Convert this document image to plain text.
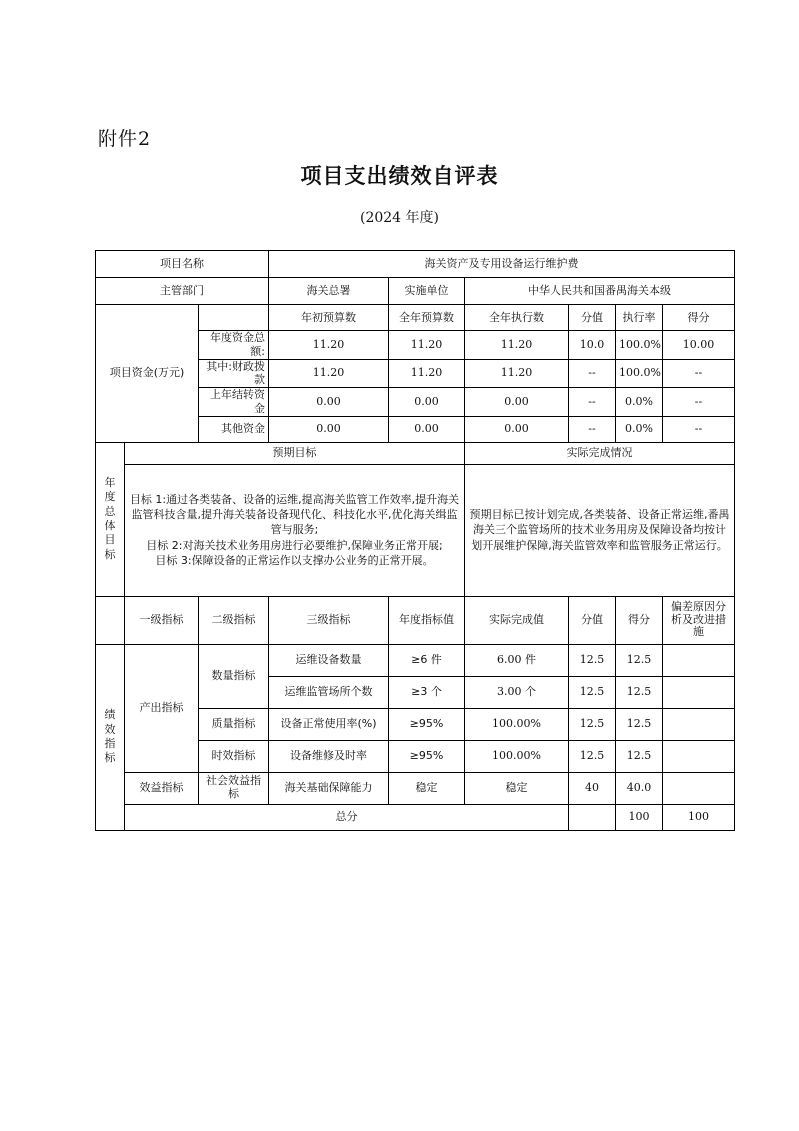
附件2
项目支出绩效自评表
(2024 年度)
项目名称			海关资产及专用设备运行维护费						
主管部门			海关总署	实施单位	中华人民共和国番禺海关本级				
项目资金(万元)			年初预算数	全年预算数	全年执行数	分值	执行率	得分	
		年度资金总额:	11.20	11.20	11.20	10.0	100.0%	10.00	
		其中:财政拨款	11.20	11.20	11.20	--	100.0%	--	
		上年结转资金	0.00	0.00	0.00	--	0.0%	--	
		其他资金	0.00	0.00	0.00	--	0.0%	--	
年度总体目标	预期目标				实际完成情况				

	目标 1:通过各类装备、设备的运维,提高海关监管工作效率,提升海关监管科技含量,提升海关装备设备现代化、科技化水平,优化海关缉监管与服务;
目标 2:对海关技术业务用房进行必要维护,保障业务正常开展;
目标 3:保障设备的正常运作以支撑办公业务的正常开展。				预期目标已按计划完成,各类装备、设备正常运维,番禺海关三个监管场所的技术业务用房及保障设备均按计划开展维护保障,海关监管效率和监管服务正常运行。				
	一级指标	二级指标	三级指标	年度指标值	实际完成值	分值	得分	偏差原因分析及改进措施	

绩效指标	产出指标	数量指标	运维设备数量	≥6 件	6.00 件	12.5	12.5		
			运维监管场所个数	≥3 个	3.00 个	12.5	12.5		
		质量指标	设备正常使用率(%)	≥95%	100.00%	12.5	12.5		
		时效指标	设备维修及时率	≥95%	100.00%	12.5	12.5		
	效益指标	社会效益指标	海关基础保障能力	稳定	稳定	40	40.0		
	总分						100	100	
